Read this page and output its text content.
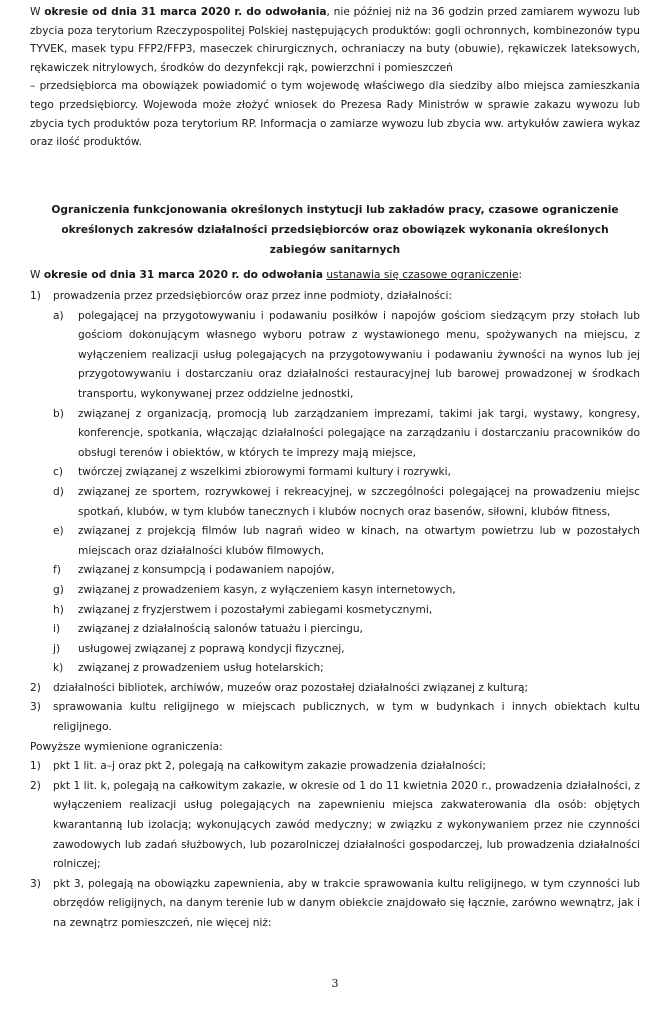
W okresie od dnia 31 marca 2020 r. do odwołania, nie później niż na 36 godzin przed zamiarem wywozu lub zbycia poza terytorium Rzeczypospolitej Polskiej następujących produktów: gogli ochronnych, kombinezonów typu TYVEK, masek typu FFP2/FFP3, maseczek chirurgicznych, ochraniaczy na buty (obuwie), rękawiczek lateksowych, rękawiczek nitrylowych, środków do dezynfekcji rąk, powierzchni i pomieszczeń

– przedsiębiorca ma obowiązek powiadomić o tym wojewodę właściwego dla siedziby albo miejsca zamieszkania tego przedsiębiorcy. Wojewoda może złożyć wniosek do Prezesa Rady Ministrów w sprawie zakazu wywozu lub zbycia tych produktów poza terytorium RP. Informacja o zamiarze wywozu lub zbycia ww. artykułów zawiera wykaz oraz ilość produktów.

Ograniczenia funkcjonowania określonych instytucji lub zakładów pracy, czasowe ograniczenie
określonych zakresów działalności przedsiębiorców oraz obowiązek wykonania określonych
zabiegów sanitarnych

W okresie od dnia 31 marca 2020 r. do odwołania ustanawia się czasowe ograniczenie:

1)	prowadzenia przez przedsiębiorców oraz przez inne podmioty, działalności:
a)	polegającej na przygotowywaniu i podawaniu posiłków i napojów gościom siedzącym przy stołach lub gościom dokonującym własnego wyboru potraw z wystawionego menu, spożywanych na miejscu, z wyłączeniem realizacji usług polegających na przygotowywaniu i podawaniu żywności na wynos lub jej przygotowywaniu i dostarczaniu oraz działalności restauracyjnej lub barowej prowadzonej w środkach transportu, wykonywanej przez oddzielne jednostki,
b)	związanej z organizacją, promocją lub zarządzaniem imprezami, takimi jak targi, wystawy, kongresy, konferencje, spotkania, włączając działalności polegające na zarządzaniu i dostarczaniu pracowników do obsługi terenów i obiektów, w których te imprezy mają miejsce,
c)	twórczej związanej z wszelkimi zbiorowymi formami kultury i rozrywki,
d)	związanej ze sportem, rozrywkowej i rekreacyjnej, w szczególności polegającej na prowadzeniu miejsc spotkań, klubów, w tym klubów tanecznych i klubów nocnych oraz basenów, siłowni, klubów fitness,
e)	związanej z projekcją filmów lub nagrań wideo w kinach, na otwartym powietrzu lub w pozostałych miejscach oraz działalności klubów filmowych,
f)	związanej z konsumpcją i podawaniem napojów,
g)	związanej z prowadzeniem kasyn, z wyłączeniem kasyn internetowych,
h)	związanej z fryzjerstwem i pozostałymi zabiegami kosmetycznymi,
i)	związanej z działalnością salonów tatuażu i piercingu,
j)	usługowej związanej z poprawą kondycji fizycznej,
k)	związanej z prowadzeniem usług hotelarskich;
2)	działalności bibliotek, archiwów, muzeów oraz pozostałej działalności związanej z kulturą;
3)	sprawowania kultu religijnego w miejscach publicznych, w tym w budynkach i innych obiektach kultu religijnego.
Powyższe wymienione ograniczenia:
1)	pkt 1 lit. a–j oraz pkt 2, polegają na całkowitym zakazie prowadzenia działalności;
2)	pkt 1 lit. k, polegają na całkowitym zakazie, w okresie od 1 do 11 kwietnia 2020 r., prowadzenia działalności, z wyłączeniem realizacji usług polegających na zapewnieniu miejsca zakwaterowania dla osób: objętych kwarantanną lub izolacją; wykonujących zawód medyczny; w związku z wykonywaniem przez nie czynności zawodowych lub zadań służbowych, lub pozarolniczej działalności gospodarczej, lub prowadzenia działalności rolniczej;
3)	pkt 3, polegają na obowiązku zapewnienia, aby w trakcie sprawowania kultu religijnego, w tym czynności lub obrzędów religijnych, na danym terenie lub w danym obiekcie znajdowało się łącznie, zarówno wewnątrz, jak i na zewnątrz pomieszczeń, nie więcej niż:
3
